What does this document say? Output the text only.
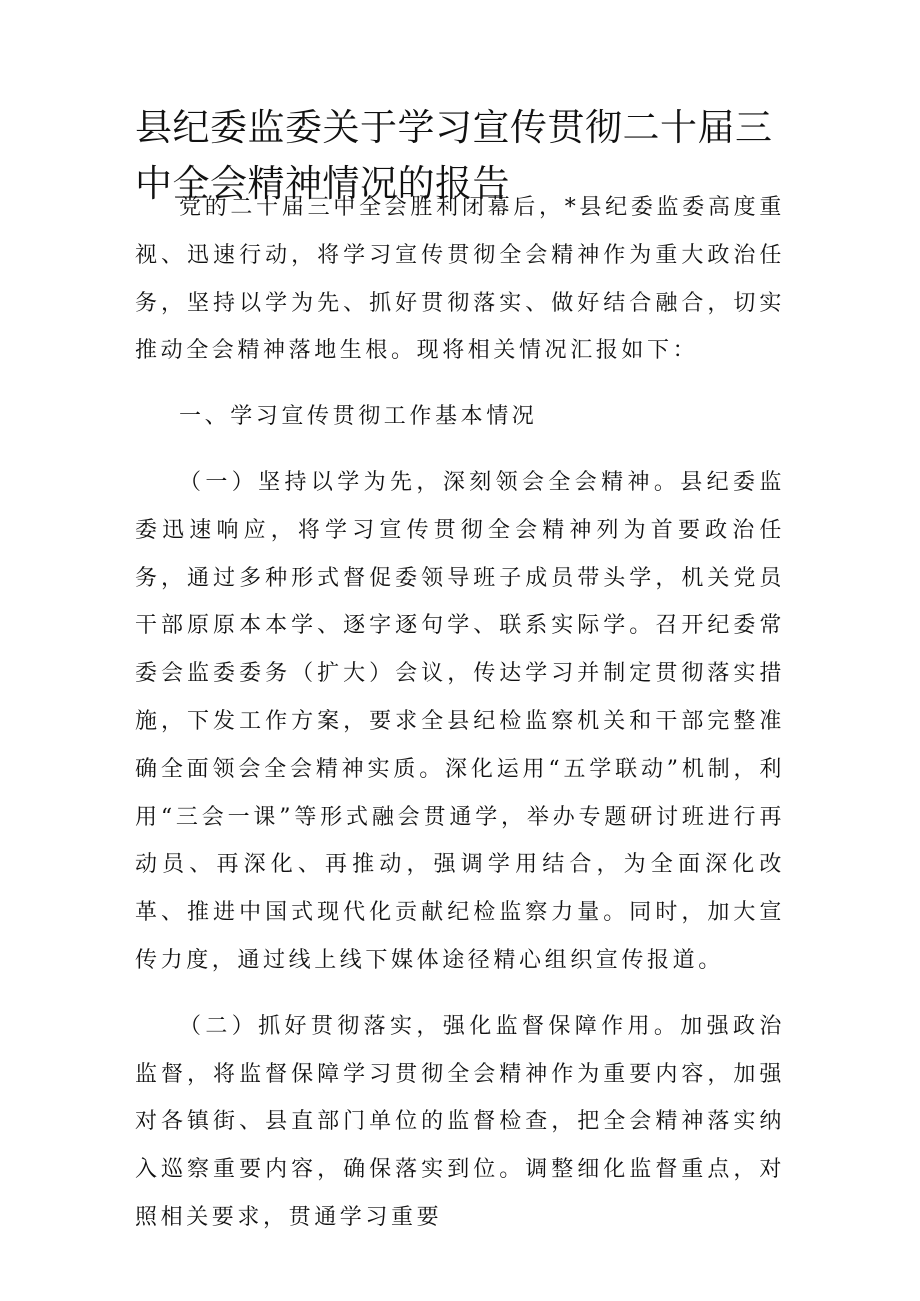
县纪委监委关于学习宣传贯彻二十届三中全会精神情况的报告

党的二十届三中全会胜利闭幕后，*县纪委监委高度重视、迅速行动，将学习宣传贯彻全会精神作为重大政治任务，坚持以学为先、抓好贯彻落实、做好结合融合，切实推动全会精神落地生根。现将相关情况汇报如下：

一、学习宣传贯彻工作基本情况

（一）坚持以学为先，深刻领会全会精神。县纪委监委迅速响应，将学习宣传贯彻全会精神列为首要政治任务，通过多种形式督促委领导班子成员带头学，机关党员干部原原本本学、逐字逐句学、联系实际学。召开纪委常委会监委委务（扩大）会议，传达学习并制定贯彻落实措施，下发工作方案，要求全县纪检监察机关和干部完整准确全面领会全会精神实质。深化运用“五学联动”机制，利用“三会一课”等形式融会贯通学，举办专题研讨班进行再动员、再深化、再推动，强调学用结合，为全面深化改革、推进中国式现代化贡献纪检监察力量。同时，加大宣传力度，通过线上线下媒体途径精心组织宣传报道。

（二）抓好贯彻落实，强化监督保障作用。加强政治监督，将监督保障学习贯彻全会精神作为重要内容，加强对各镇街、县直部门单位的监督检查，把全会精神落实纳入巡察重要内容，确保落实到位。调整细化监督重点，对照相关要求，贯通学习重要
